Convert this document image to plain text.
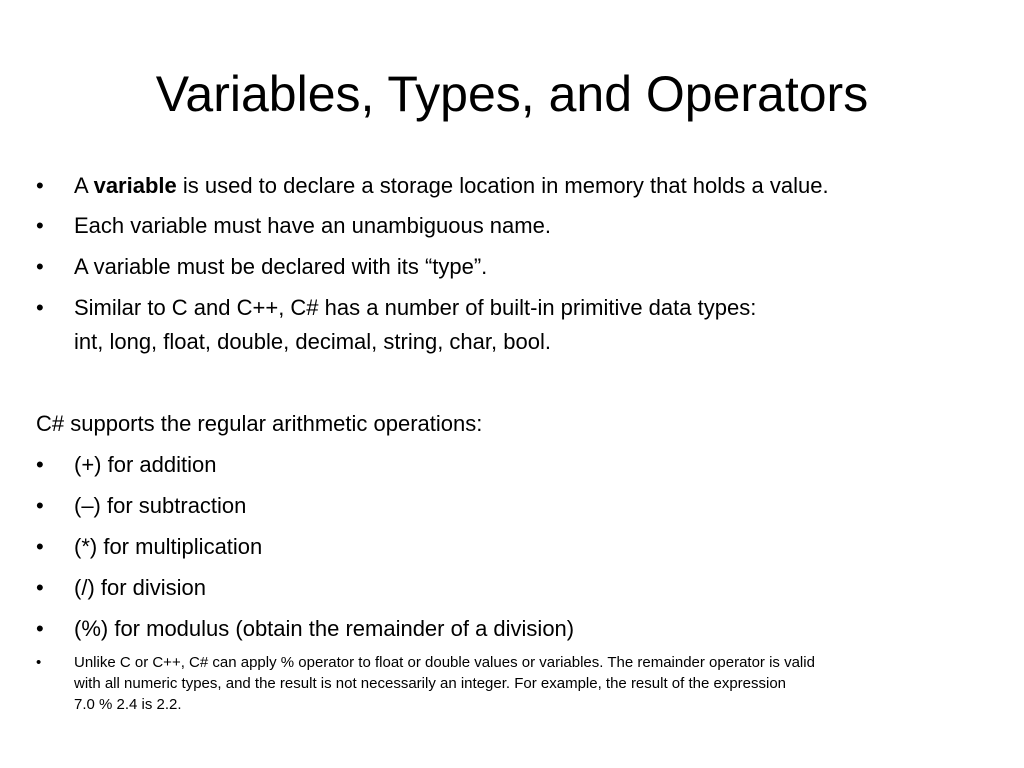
Variables, Types, and Operators
•	A variable is used to declare a storage location in memory that holds a value.
•	Each variable must have an unambiguous name.
•	A variable must be declared with its “type”.
•	Similar to C and C++, C# has a number of built-in primitive data types:
int, long, float, double, decimal, string, char, bool.
C# supports the regular arithmetic operations:
•	(+) for addition
•	(–) for subtraction
•	(*) for multiplication
•	(/) for division
•	(%) for modulus (obtain the remainder of a division)
• Unlike C or C++, C# can apply % operator to float or double values or variables. The remainder operator is valid
with all numeric types, and the result is not necessarily an integer. For example, the result of the expression
7.0 % 2.4 is 2.2.
